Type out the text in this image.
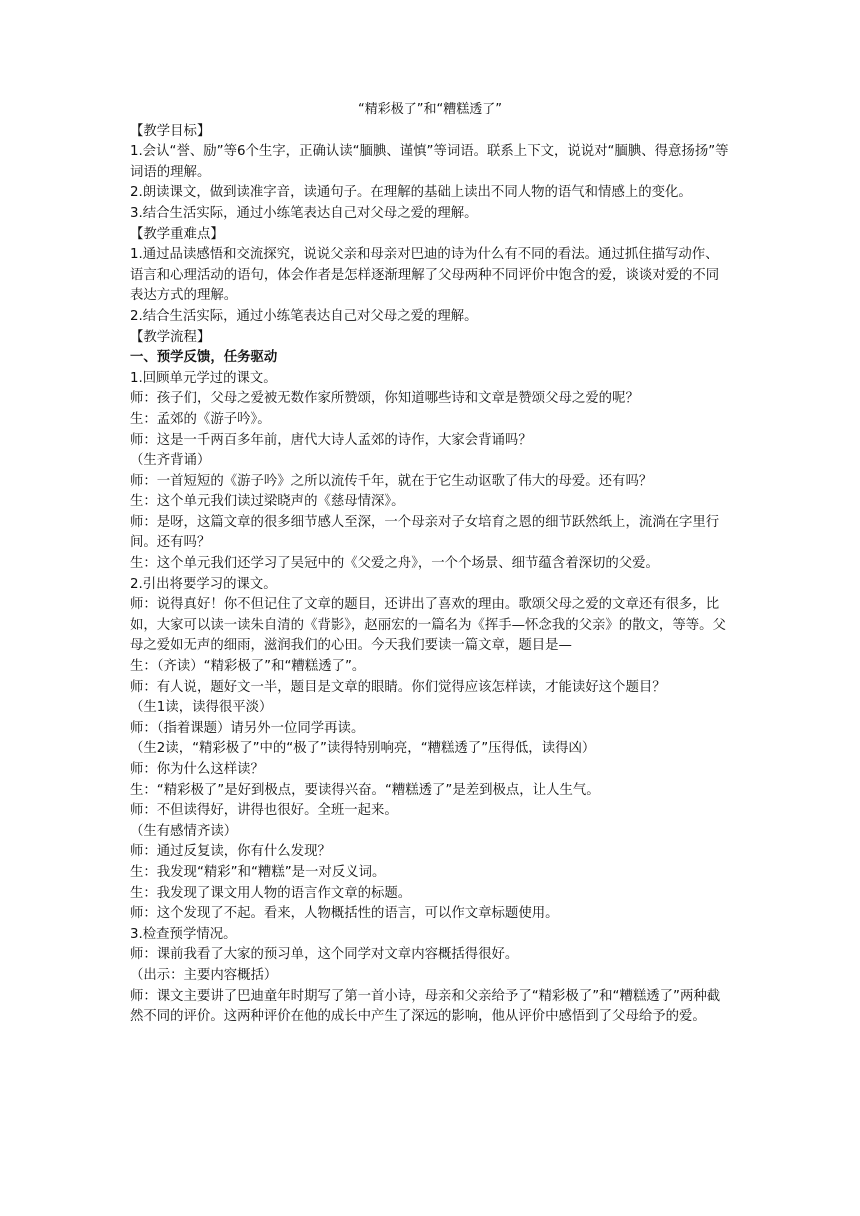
“精彩极了”和“糟糕透了”
【教学目标】
1.会认“誉、励”等6个生字，正确认读“腼腆、谨慎”等词语。联系上下文，说说对“腼腆、得意扬扬”等词语的理解。
2.朗读课文，做到读准字音，读通句子。在理解的基础上读出不同人物的语气和情感上的变化。
3.结合生活实际，通过小练笔表达自己对父母之爱的理解。
【教学重难点】
1.通过品读感悟和交流探究，说说父亲和母亲对巴迪的诗为什么有不同的看法。通过抓住描写动作、语言和心理活动的语句，体会作者是怎样逐渐理解了父母两种不同评价中饱含的爱，谈谈对爱的不同表达方式的理解。
2.结合生活实际，通过小练笔表达自己对父母之爱的理解。
【教学流程】
一、预学反馈，任务驱动
1.回顾单元学过的课文。
师：孩子们，父母之爱被无数作家所赞颂，你知道哪些诗和文章是赞颂父母之爱的呢？
生：孟郊的《游子吟》。
师：这是一千两百多年前，唐代大诗人孟郊的诗作，大家会背诵吗？
（生齐背诵）
师：一首短短的《游子吟》之所以流传千年，就在于它生动讴歌了伟大的母爱。还有吗？
生：这个单元我们读过梁晓声的《慈母情深》。
师：是呀，这篇文章的很多细节感人至深，一个母亲对子女培育之恩的细节跃然纸上，流淌在字里行间。还有吗？
生：这个单元我们还学习了吴冠中的《父爱之舟》，一个个场景、细节蕴含着深切的父爱。
2.引出将要学习的课文。
师：说得真好！你不但记住了文章的题目，还讲出了喜欢的理由。歌颂父母之爱的文章还有很多，比如，大家可以读一读朱自清的《背影》，赵丽宏的一篇名为《挥手—怀念我的父亲》的散文，等等。父母之爱如无声的细雨，滋润我们的心田。今天我们要读一篇文章，题目是—
生：（齐读）“精彩极了”和“糟糕透了”。
师：有人说，题好文一半，题目是文章的眼睛。你们觉得应该怎样读，才能读好这个题目？
（生1读，读得很平淡）
师：（指着课题）请另外一位同学再读。
（生2读，“精彩极了”中的“极了”读得特别响亮，“糟糕透了”压得低，读得凶）
师：你为什么这样读？
生：“精彩极了”是好到极点，要读得兴奋。“糟糕透了”是差到极点，让人生气。
师：不但读得好，讲得也很好。全班一起来。
（生有感情齐读）
师：通过反复读，你有什么发现？
生：我发现“精彩”和“糟糕”是一对反义词。
生：我发现了课文用人物的语言作文章的标题。
师：这个发现了不起。看来，人物概括性的语言，可以作文章标题使用。
3.检查预学情况。
师：课前我看了大家的预习单，这个同学对文章内容概括得很好。
（出示：主要内容概括）
师：课文主要讲了巴迪童年时期写了第一首小诗，母亲和父亲给予了“精彩极了”和“糟糕透了”两种截然不同的评价。这两种评价在他的成长中产生了深远的影响，他从评价中感悟到了父母给予的爱。
